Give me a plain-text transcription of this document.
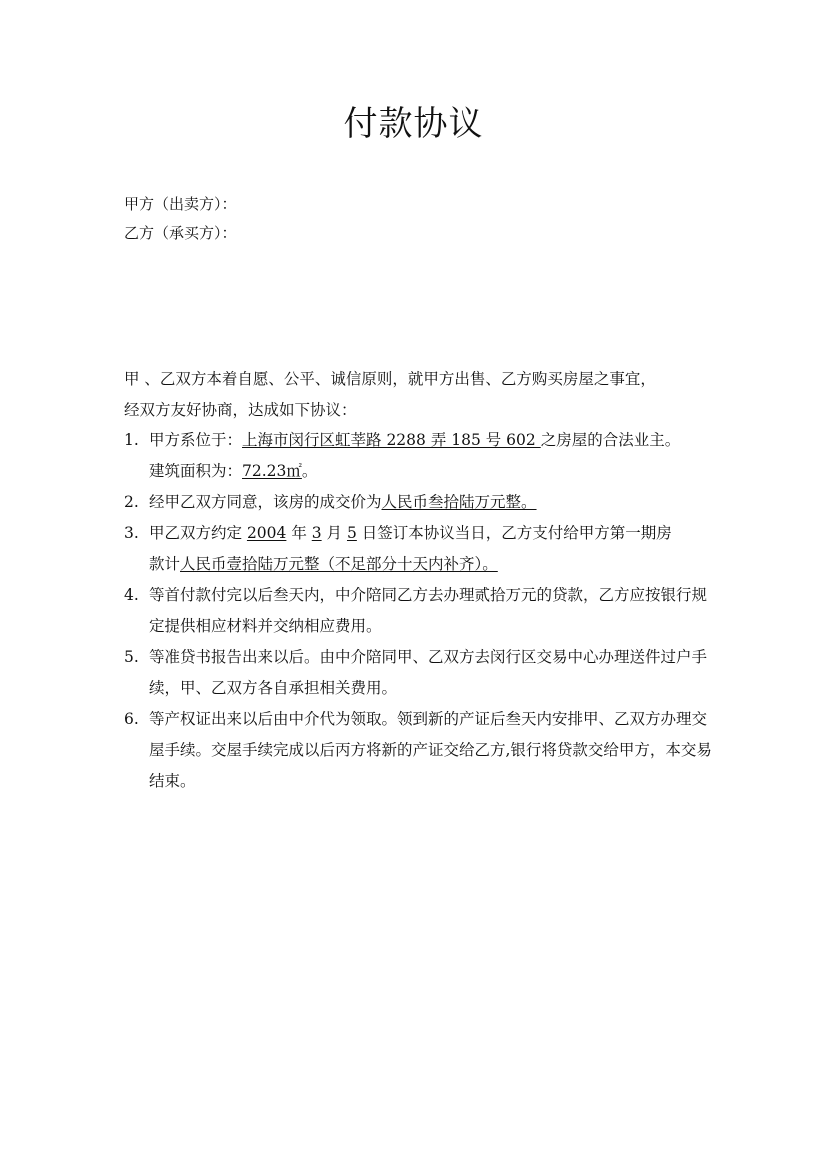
付款协议
甲方（出卖方）：
乙方（承买方）：
甲 、乙双方本着自愿、公平、诚信原则，就甲方出售、乙方购买房屋之事宜，
经双方友好协商，达成如下协议：
1. 甲方系位于：上海市闵行区虹莘路 2288 弄 185 号 602 之房屋的合法业主。
建筑面积为：72.23㎡。
2. 经甲乙双方同意，该房的成交价为人民币叁拾陆万元整。
3. 甲乙双方约定 2004 年 3 月 5 日签订本协议当日，乙方支付给甲方第一期房
款计人民币壹拾陆万元整（不足部分十天内补齐）。
4. 等首付款付完以后叁天内，中介陪同乙方去办理贰拾万元的贷款，乙方应按银行规定提供相应材料并交纳相应费用。
5. 等准贷书报告出来以后。由中介陪同甲、乙双方去闵行区交易中心办理送件过户手续，甲、乙双方各自承担相关费用。
6. 等产权证出来以后由中介代为领取。领到新的产证后叁天内安排甲、乙双方办理交屋手续。交屋手续完成以后丙方将新的产证交给乙方,银行将贷款交给甲方，本交易结束。
